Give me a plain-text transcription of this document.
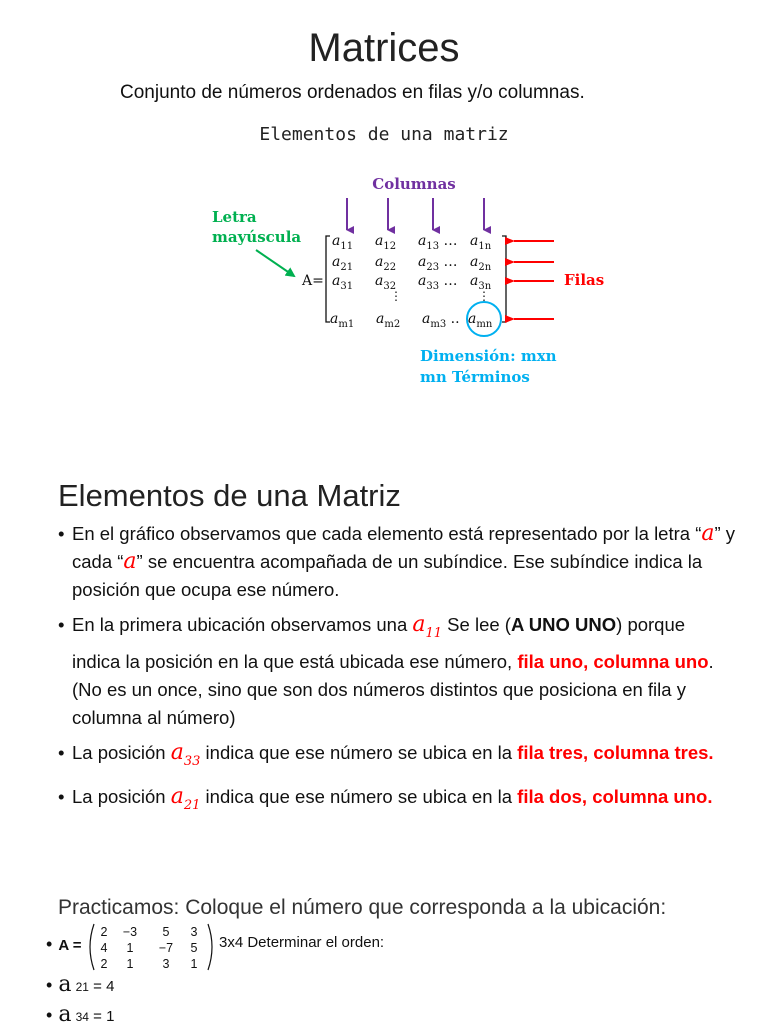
Matrices
Conjunto de números ordenados en filas y/o columnas.
Elementos de una matriz
Columnas
Letra
mayúscula
A=
$a_{11}$ $a_{12}$ $a_{13}$ … $a_{1n}$
$a_{21}$ $a_{22}$ $a_{23}$ … $a_{2n}$
$a_{31}$ $a_{32}$ $a_{33}$ … $a_{3n}$
⋮	⋮
$a_{m1}$ $a_{m2}$ $a_{m3}$ .. $a_{mn}$
Filas
Dimensión: mxn
mn Términos
Elementos de una Matriz
• En el gráfico observamos que cada elemento está representado por la letra “a” y cada “a” se encuentra acompañada de un subíndice. Ese subíndice indica la posición que ocupa ese número.
• En la primera ubicación observamos una $a_{11}$ Se lee (A UNO UNO) porque indica la posición en la que está ubicada ese número, fila uno, columna uno. (No es un once, sino que son dos números distintos que posiciona en fila y columna al número)
• La posición $a_{33}$ indica que ese número se ubica en la fila tres, columna tres.
• La posición $a_{21}$ indica que ese número se ubica en la fila dos, columna uno.
Practicamos: Coloque el número que corresponda a la ubicación:
• A =
2 −3 5 3
4 1 −7 5
2 1 3 1
3x4 Determinar el orden:
• a 21 = 4
• a 34 = 1
